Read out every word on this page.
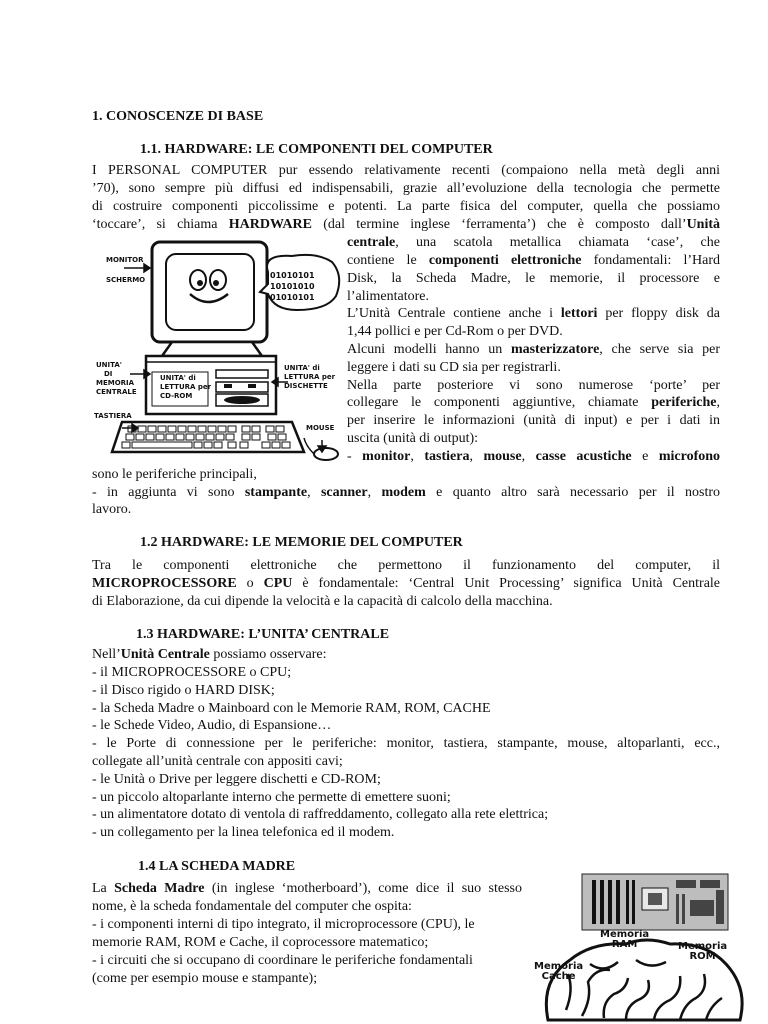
1. CONOSCENZE DI BASE
1.1. HARDWARE: LE COMPONENTI DEL COMPUTER
I PERSONAL COMPUTER pur essendo relativamente recenti (compaiono nella metà degli anni
’70), sono sempre più diffusi ed indispensabili, grazie all’evoluzione della tecnologia che permette
di costruire componenti piccolissime e potenti. La parte fisica del computer, quella che possiamo
‘toccare’, si chiama HARDWARE (dal termine inglese ‘ferramenta’) che è composto dall’Unità
centrale, una scatola metallica chiamata ‘case’, che
contiene le componenti elettroniche fondamentali: l’Hard
Disk, la Scheda Madre, le memorie, il processore e
l’alimentatore.
L’Unità Centrale contiene anche i lettori per floppy disk da
1,44 pollici e per Cd-Rom o per DVD.
Alcuni modelli hanno un masterizzatore, che serve sia per
leggere i dati su CD sia per registrarli.
Nella parte posteriore vi sono numerose ‘porte’ per
collegare le componenti aggiuntive, chiamate periferiche,
per inserire le informazioni (unità di input) e per i dati in
uscita (unità di output):
- monitor, tastiera, mouse, casse acustiche e microfono
sono le periferiche principali,
- in aggiunta vi sono stampante, scanner, modem e quanto altro sarà necessario per il nostro
lavoro.
MONITOR
SCHERMO	01010101
10101010
01010101
UNITA'
DI
MEMORIA
CENTRALE
UNITA' di
LETTURA per
CD-ROM
UNITA' di
LETTURA per
DISCHETTE
TASTIERA
MOUSE
1.2 HARDWARE: LE MEMORIE DEL COMPUTER
Tra le componenti elettroniche che permettono il funzionamento del computer, il
MICROPROCESSORE o CPU è fondamentale: ‘Central Unit Processing’ significa Unità Centrale
di Elaborazione, da cui dipende la velocità e la capacità di calcolo della macchina.
1.3 HARDWARE: L’UNITA’ CENTRALE
Nell’Unità Centrale possiamo osservare:
- il MICROPROCESSORE o CPU;
- il Disco rigido o HARD DISK;
- la Scheda Madre o Mainboard con le Memorie RAM, ROM, CACHE
- le Schede Video, Audio, di Espansione…
- le Porte di connessione per le periferiche: monitor, tastiera, stampante, mouse, altoparlanti, ecc.,
collegate all’unità centrale con appositi cavi;
- le Unità o Drive per leggere dischetti e CD-ROM;
- un piccolo altoparlante interno che permette di emettere suoni;
- un alimentatore dotato di ventola di raffreddamento, collegato alla rete elettrica;
- un collegamento per la linea telefonica ed il modem.
1.4 LA SCHEDA MADRE
La Scheda Madre (in inglese ‘motherboard’), come dice il suo stesso
nome, è la scheda fondamentale del computer che ospita:
- i componenti interni di tipo integrato, il microprocessore (CPU), le
memorie RAM, ROM e Cache, il coprocessore matematico;
- i circuiti che si occupano di coordinare le periferiche fondamentali
(come per esempio mouse e stampante);
Memoria
RAM	Memoria
ROM
Memoria
Cache
